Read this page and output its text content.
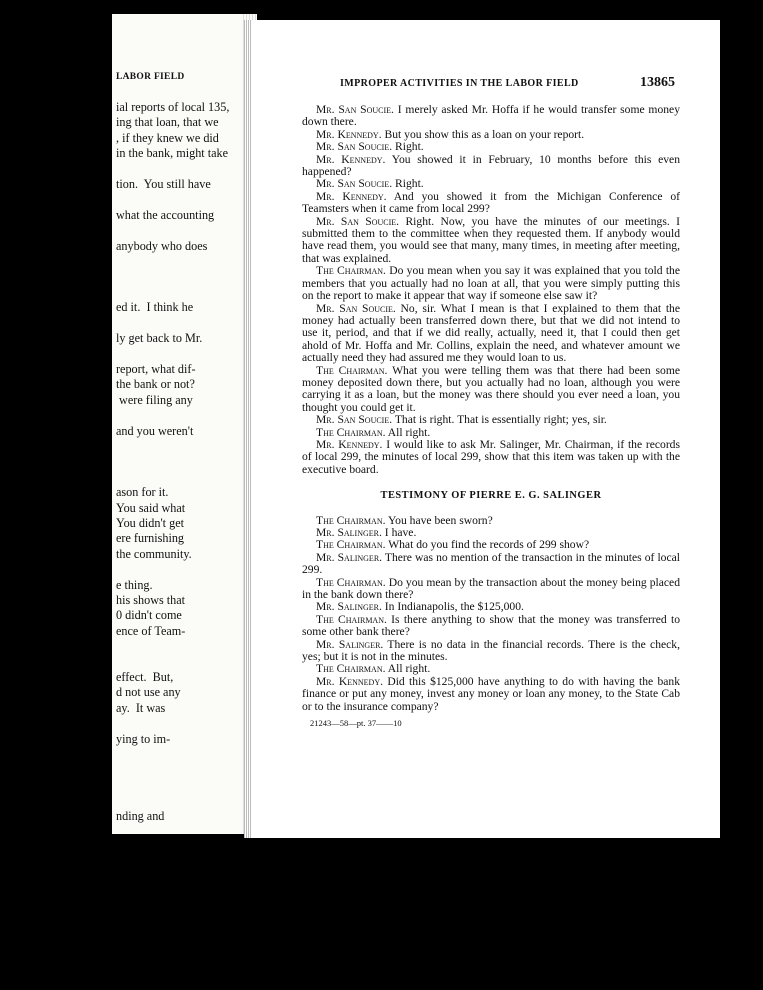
LABOR FIELD
ial reports of local 135,
ing that loan, that we
, if they knew we did
in the bank, might take

tion.  You still have

what the accounting

anybody who does

ed it.  I think he

ly get back to Mr.

report, what dif-
the bank or not?
were filing any

and you weren't

ason for it.
You said what
You didn't get
ere furnishing
the community.

e thing.
his shows that
0 didn't come
ence of Team-

effect.  But,
d not use any
ay.  It was

ying to im-

nding and

IMPROPER ACTIVITIES IN THE LABOR FIELD	13865

Mr. San Soucie. I merely asked Mr. Hoffa if he would transfer some money down there.

Mr. Kennedy. But you show this as a loan on your report.

Mr. San Soucie. Right.

Mr. Kennedy. You showed it in February, 10 months before this even happened?

Mr. San Soucie. Right.

Mr. Kennedy. And you showed it from the Michigan Conference of Teamsters when it came from local 299?

Mr. San Soucie. Right. Now, you have the minutes of our meetings. I submitted them to the committee when they requested them. If anybody would have read them, you would see that many, many times, in meeting after meeting, that was explained.

The Chairman. Do you mean when you say it was explained that you told the members that you actually had no loan at all, that you were simply putting this on the report to make it appear that way if someone else saw it?

Mr. San Soucie. No, sir. What I mean is that I explained to them that the money had actually been transferred down there, but that we did not intend to use it, period, and that if we did really, actually, need it, that I could then get ahold of Mr. Hoffa and Mr. Collins, explain the need, and whatever amount we actually need they had assured me they would loan to us.

The Chairman. What you were telling them was that there had been some money deposited down there, but you actually had no loan, although you were carrying it as a loan, but the money was there should you ever need a loan, you thought you could get it.

Mr. San Soucie. That is right. That is essentially right; yes, sir.

The Chairman. All right.

Mr. Kennedy. I would like to ask Mr. Salinger, Mr. Chairman, if the records of local 299, the minutes of local 299, show that this item was taken up with the executive board.

TESTIMONY OF PIERRE E. G. SALINGER

The Chairman. You have been sworn?

Mr. Salinger. I have.

The Chairman. What do you find the records of 299 show?

Mr. Salinger. There was no mention of the transaction in the minutes of local 299.

The Chairman. Do you mean by the transaction about the money being placed in the bank down there?

Mr. Salinger. In Indianapolis, the $125,000.

The Chairman. Is there anything to show that the money was transferred to some other bank there?

Mr. Salinger. There is no data in the financial records. There is the check, yes; but it is not in the minutes.

The Chairman. All right.

Mr. Kennedy. Did this $125,000 have anything to do with having the bank finance or put any money, invest any money or loan any money, to the State Cab or to the insurance company?

21243—58—pt. 37——10
